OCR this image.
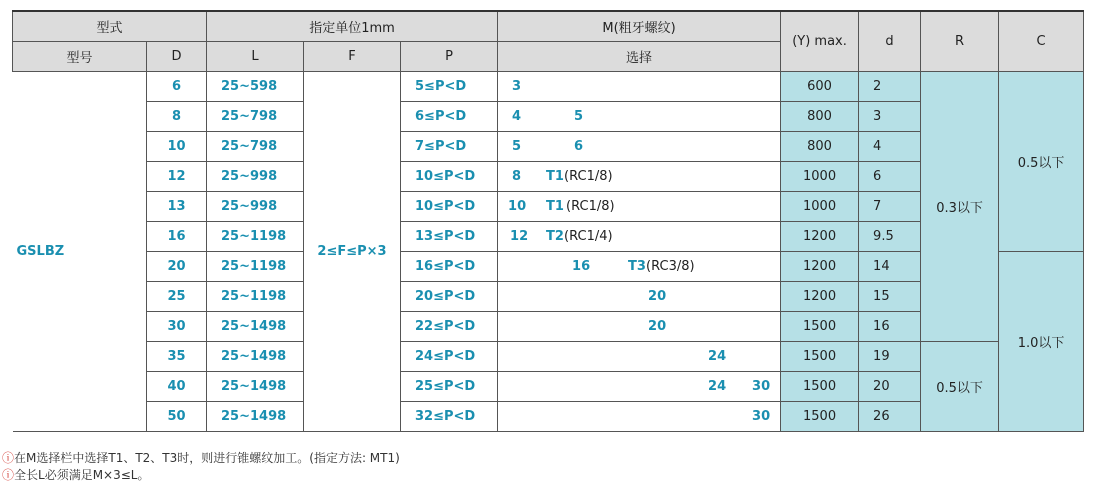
型式		指定单位1mm			M(粗牙螺纹)	(Y) max.	d	R	C
型号	D	L	F	P	选择				
GSLBZ	6	25~598	2≤F≤P×3	5≤P<D	3	600	2	0.3以下	0.5以下
	8	25~798		6≤P<D	4 5	800	3		
	10	25~798		7≤P<D	5 6	800	4		
	12	25~998		10≤P<D	8 T1 (RC1/8)	1000	6		
	13	25~998		10≤P<D	10 T1 (RC1/8)	1000	7		
	16	25~1198		13≤P<D	12 T2 (RC1/4)	1200	9.5		
	20	25~1198		16≤P<D	16 T3 (RC3/8)	1200	14		1.0以下
	25	25~1198		20≤P<D	20	1200	15		
	30	25~1498		22≤P<D	20	1500	16		
	35	25~1498		24≤P<D	24	1500	19	0.5以下	
	40	25~1498		25≤P<D	24 30	1500	20		
	50	25~1498		32≤P<D	30	1500	26		
ⓘ在M选择栏中选择T1、T2、T3时，则进行锥螺纹加工。(指定方法: MT1)
ⓘ全长L必须满足M×3≤L。
